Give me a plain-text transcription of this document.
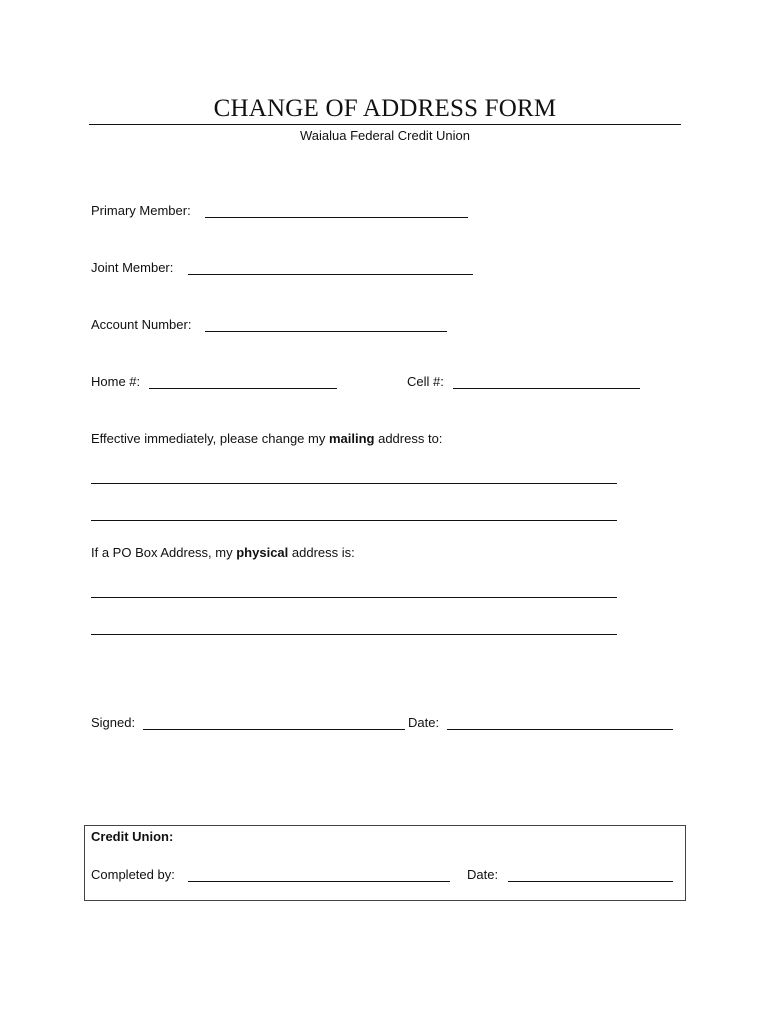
CHANGE OF ADDRESS FORM
Waialua Federal Credit Union
Primary Member:
Joint Member:
Account Number:
Home #:	Cell #:
Effective immediately, please change my mailing address to:
If a PO Box Address, my physical address is:
Signed:	Date:
Credit Union:
Completed by:	Date:
